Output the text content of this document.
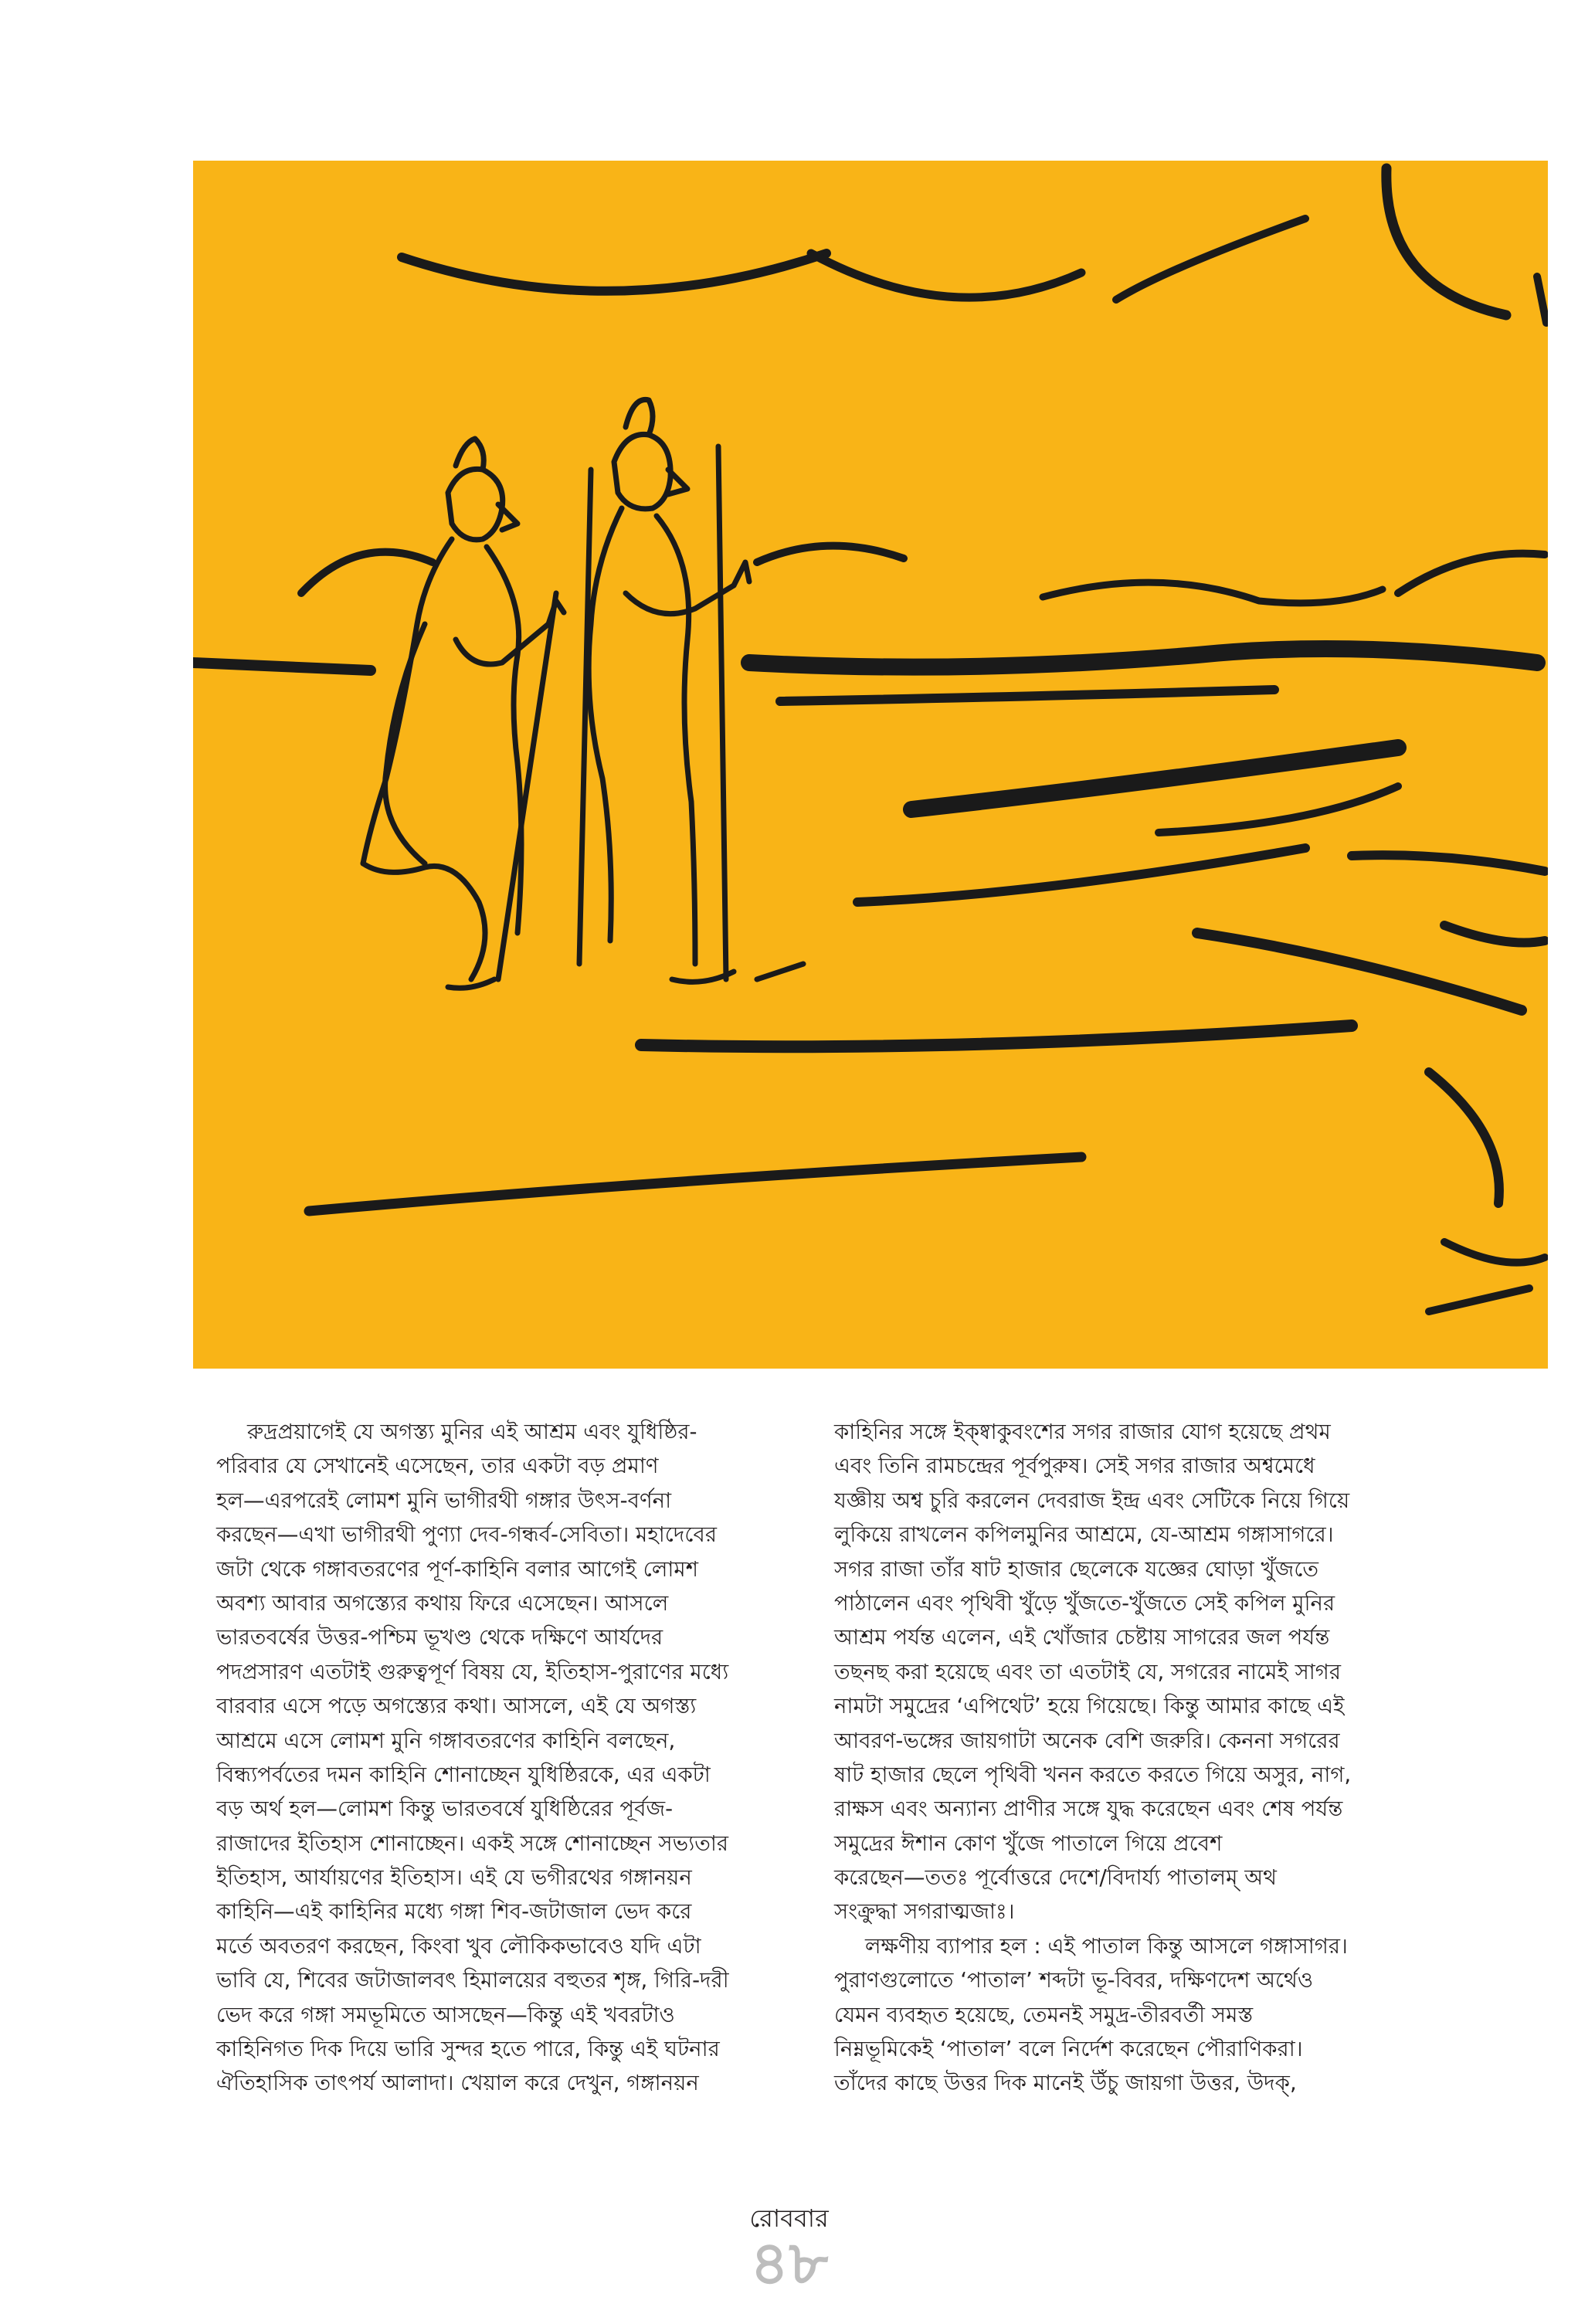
রুদ্রপ্রয়াগেই যে অগস্ত্য মুনির এই আশ্রম এবং যুধিষ্ঠির-
পরিবার যে সেখানেই এসেছেন, তার একটা বড় প্রমাণ
হল—এরপরেই লোমশ মুনি ভাগীরথী গঙ্গার উৎস-বর্ণনা
করছেন—এখা ভাগীরথী পুণ্যা দেব-গন্ধর্ব-সেবিতা। মহাদেবের
জটা থেকে গঙ্গাবতরণের পূর্ণ-কাহিনি বলার আগেই লোমশ
অবশ্য আবার অগস্ত্যের কথায় ফিরে এসেছেন। আসলে
ভারতবর্ষের উত্তর-পশ্চিম ভূখণ্ড থেকে দক্ষিণে আর্যদের
পদপ্রসারণ এতটাই গুরুত্বপূর্ণ বিষয় যে, ইতিহাস-পুরাণের মধ্যে
বারবার এসে পড়ে অগস্ত্যের কথা। আসলে, এই যে অগস্ত্য
আশ্রমে এসে লোমশ মুনি গঙ্গাবতরণের কাহিনি বলছেন,
বিন্ধ্যপর্বতের দমন কাহিনি শোনাচ্ছেন যুধিষ্ঠিরকে, এর একটা
বড় অর্থ হল—লোমশ কিন্তু ভারতবর্ষে যুধিষ্ঠিরের পূর্বজ-
রাজাদের ইতিহাস শোনাচ্ছেন। একই সঙ্গে শোনাচ্ছেন সভ্যতার
ইতিহাস, আর্যায়ণের ইতিহাস। এই যে ভগীরথের গঙ্গানয়ন
কাহিনি—এই কাহিনির মধ্যে গঙ্গা শিব-জটাজাল ভেদ করে
মর্তে অবতরণ করছেন, কিংবা খুব লৌকিকভাবেও যদি এটা
ভাবি যে, শিবের জটাজালবৎ হিমালয়ের বহুতর শৃঙ্গ, গিরি-দরী
ভেদ করে গঙ্গা সমভূমিতে আসছেন—কিন্তু এই খবরটাও
কাহিনিগত দিক দিয়ে ভারি সুন্দর হতে পারে, কিন্তু এই ঘটনার
ঐতিহাসিক তাৎপর্য আলাদা। খেয়াল করে দেখুন, গঙ্গানয়ন
কাহিনির সঙ্গে ইক্ষ্বাকুবংশের সগর রাজার যোগ হয়েছে প্রথম
এবং তিনি রামচন্দ্রের পূর্বপুরুষ। সেই সগর রাজার অশ্বমেধে
যজ্ঞীয় অশ্ব চুরি করলেন দেবরাজ ইন্দ্র এবং সেটিকে নিয়ে গিয়ে
লুকিয়ে রাখলেন কপিলমুনির আশ্রমে, যে-আশ্রম গঙ্গাসাগরে।
সগর রাজা তাঁর ষাট হাজার ছেলেকে যজ্ঞের ঘোড়া খুঁজতে
পাঠালেন এবং পৃথিবী খুঁড়ে খুঁজতে-খুঁজতে সেই কপিল মুনির
আশ্রম পর্যন্ত এলেন, এই খোঁজার চেষ্টায় সাগরের জল পর্যন্ত
তছনছ করা হয়েছে এবং তা এতটাই যে, সগরের নামেই সাগর
নামটা সমুদ্রের ‘এপিথেট’ হয়ে গিয়েছে। কিন্তু আমার কাছে এই
আবরণ-ভঙ্গের জায়গাটা অনেক বেশি জরুরি। কেননা সগরের
ষাট হাজার ছেলে পৃথিবী খনন করতে করতে গিয়ে অসুর, নাগ,
রাক্ষস এবং অন্যান্য প্রাণীর সঙ্গে যুদ্ধ করেছেন এবং শেষ পর্যন্ত
সমুদ্রের ঈশান কোণ খুঁজে পাতালে গিয়ে প্রবেশ
করেছেন—ততঃ পূর্বোত্তরে দেশে/বিদার্য্য পাতালম্ অথ
সংক্রুদ্ধা সগরাত্মজাঃ।
লক্ষণীয় ব্যাপার হল : এই পাতাল কিন্তু আসলে গঙ্গাসাগর।
পুরাণগুলোতে ‘পাতাল’ শব্দটা ভূ-বিবর, দক্ষিণদেশ অর্থেও
যেমন ব্যবহৃত হয়েছে, তেমনই সমুদ্র-তীরবর্তী সমস্ত
নিম্নভূমিকেই ‘পাতাল’ বলে নির্দেশ করেছেন পৌরাণিকরা।
তাঁদের কাছে উত্তর দিক মানেই উঁচু জায়গা উত্তর, উদক্,
রোববার
৪৮
